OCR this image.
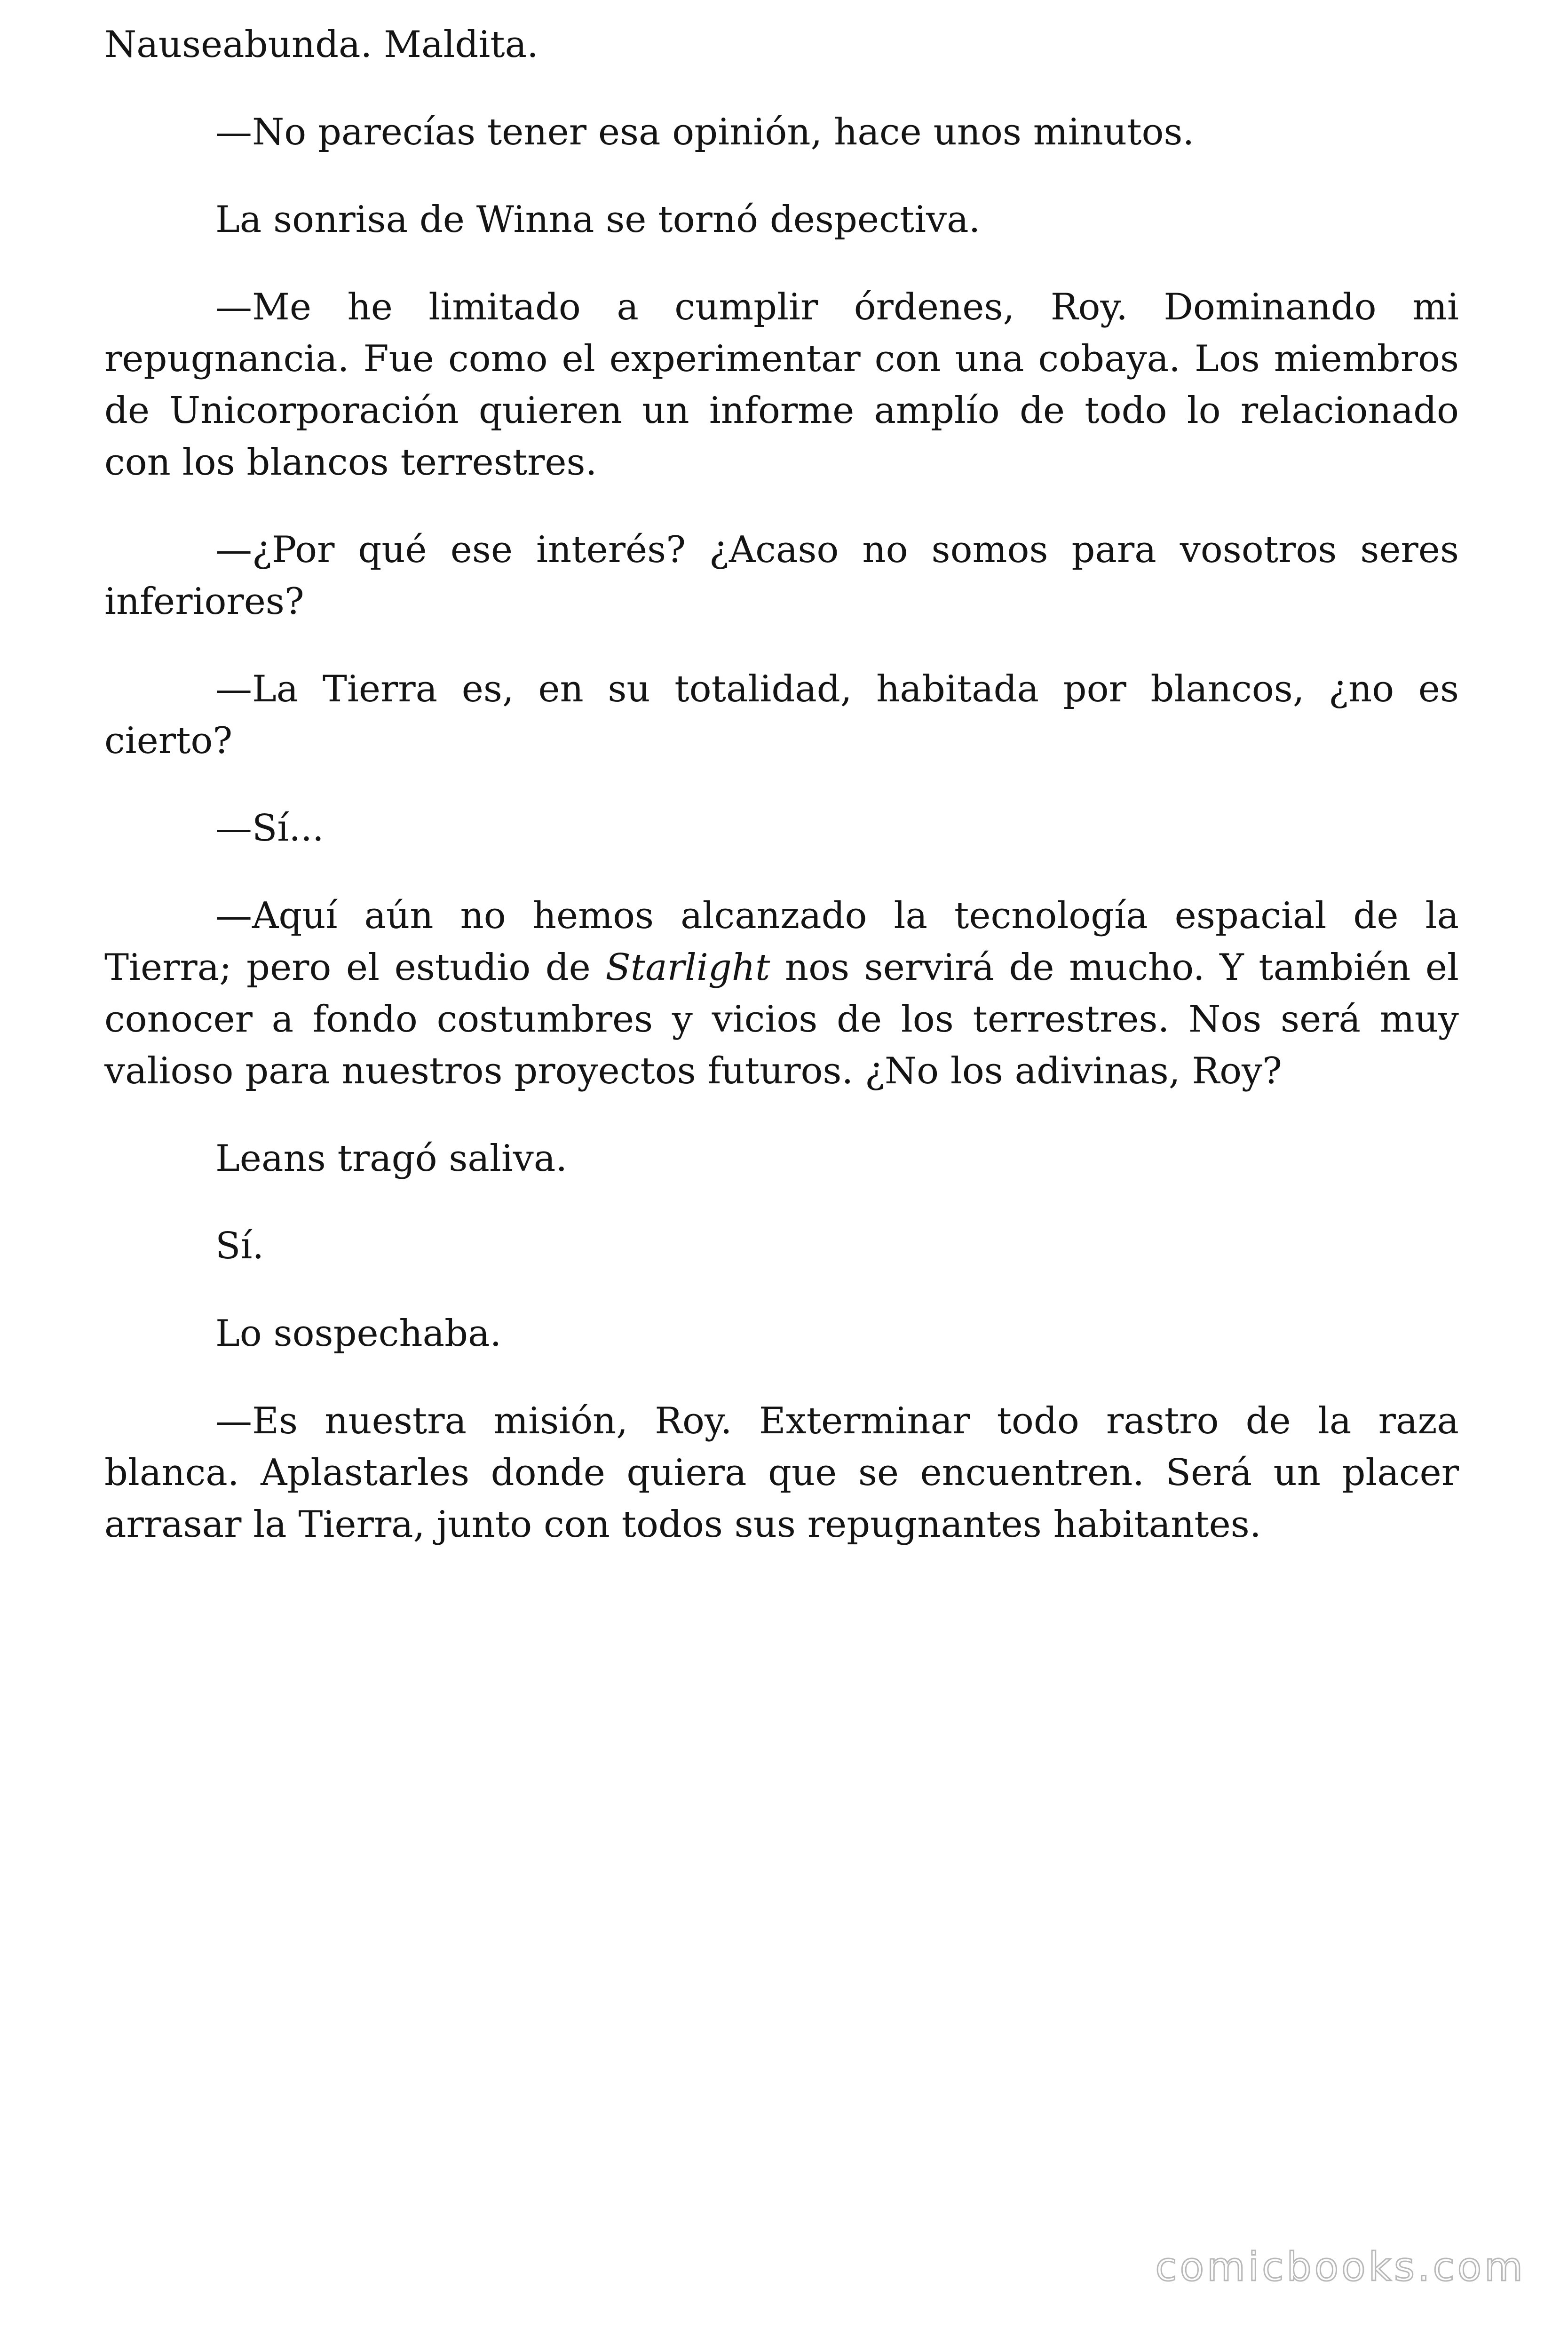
Nauseabunda. Maldita.

—No parecías tener esa opinión, hace unos minutos.

La sonrisa de Winna se tornó despectiva.

—Me he limitado a cumplir órdenes, Roy. Dominando mi repugnancia. Fue como el experimentar con una cobaya. Los miembros de Unicorporación quieren un informe amplío de todo lo relacionado con los blancos terrestres.

—¿Por qué ese interés? ¿Acaso no somos para vosotros seres inferiores?

—La Tierra es, en su totalidad, habitada por blancos, ¿no es cierto?

—Sí...

—Aquí aún no hemos alcanzado la tecnología espacial de la Tierra; pero el estudio de Starlight nos servirá de mucho. Y también el conocer a fondo costumbres y vicios de los terrestres. Nos será muy valioso para nuestros proyectos futuros. ¿No los adivinas, Roy?

Leans tragó saliva.

Sí.

Lo sospechaba.

—Es nuestra misión, Roy. Exterminar todo rastro de la raza blanca. Aplastarles donde quiera que se encuentren. Será un placer arrasar la Tierra, junto con todos sus repugnantes habitantes.

comicbooks.com
